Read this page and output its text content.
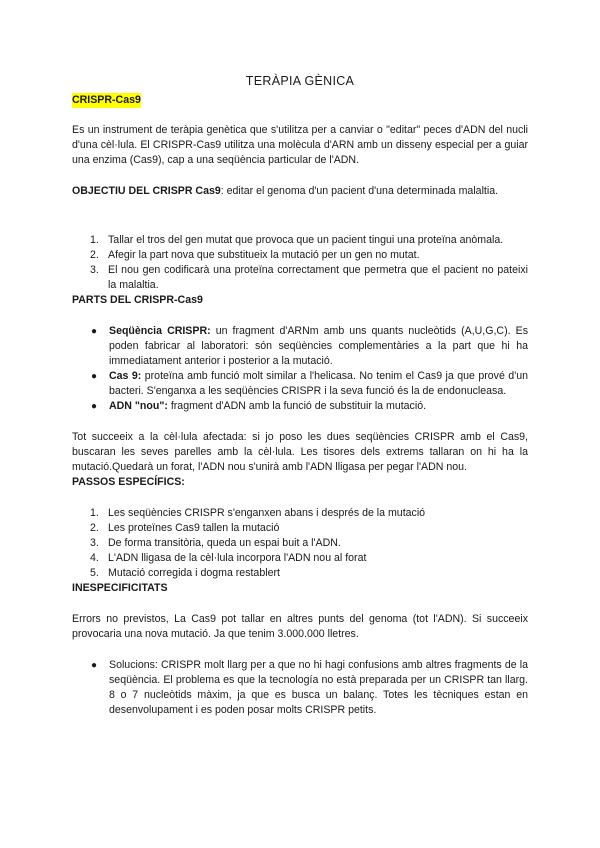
TERÀPIA GÈNICA
CRISPR-Cas9

Es un instrument de teràpia genètica que s'utilitza per a canviar o "editar" peces d'ADN del nucli d'una cèl·lula. El CRISPR-Cas9 utilitza una molècula d'ARN amb un disseny especial per a guiar una enzima (Cas9), cap a una seqüència particular de l'ADN.

OBJECTIU DEL CRISPR Cas9: editar el genoma d'un pacient d'una determinada malaltia.

1. Tallar el tros del gen mutat que provoca que un pacient tingui una proteïna anòmala.
2. Afegir la part nova que substitueix la mutació per un gen no mutat.
3. El nou gen codificarà una proteïna correctament que permetra que el pacient no pateixi la malaltia.

PARTS DEL CRISPR-Cas9

● Seqüència CRISPR: un fragment d'ARNm amb uns quants nucleòtids (A,U,G,C). Es poden fabricar al laboratori: són seqüències complementàries a la part que hi ha immediatament anterior i posterior a la mutació.
● Cas 9: proteïna amb funció molt similar a l'helicasa. No tenim el Cas9 ja que prové d'un bacteri. S'enganxa a les seqüències CRISPR i la seva funció és la de endonucleasa.
● ADN "nou": fragment d'ADN amb la funció de substituir la mutació.

Tot succeeix a la cèl·lula afectada: si jo poso les dues seqüències CRISPR amb el Cas9, buscaran les seves parelles amb la cèl·lula. Les tisores dels extrems tallaran on hi ha la mutació.Quedarà un forat, l'ADN nou s'unirà amb l'ADN lligasa per pegar l'ADN nou.

PASSOS ESPECÍFICS:

1. Les seqüències CRISPR s'enganxen abans i després de la mutació
2. Les proteïnes Cas9 tallen la mutació
3. De forma transitòria, queda un espai buit a l'ADN.
4. L'ADN lligasa de la cèl·lula incorpora l'ADN nou al forat
5. Mutació corregida i dogma restablert

INESPECIFICITATS

Errors no previstos, La Cas9 pot tallar en altres punts del genoma (tot l'ADN). Si succeeix provocaria una nova mutació. Ja que tenim 3.000.000 lletres.

● Solucions: CRISPR molt llarg per a que no hi hagi confusions amb altres fragments de la seqüència. El problema es que la tecnología no està preparada per un CRISPR tan llarg. 8 o 7 nucleòtids màxim, ja que es busca un balanç. Totes les tècniques estan en desenvolupament i es poden posar molts CRISPR petits.
